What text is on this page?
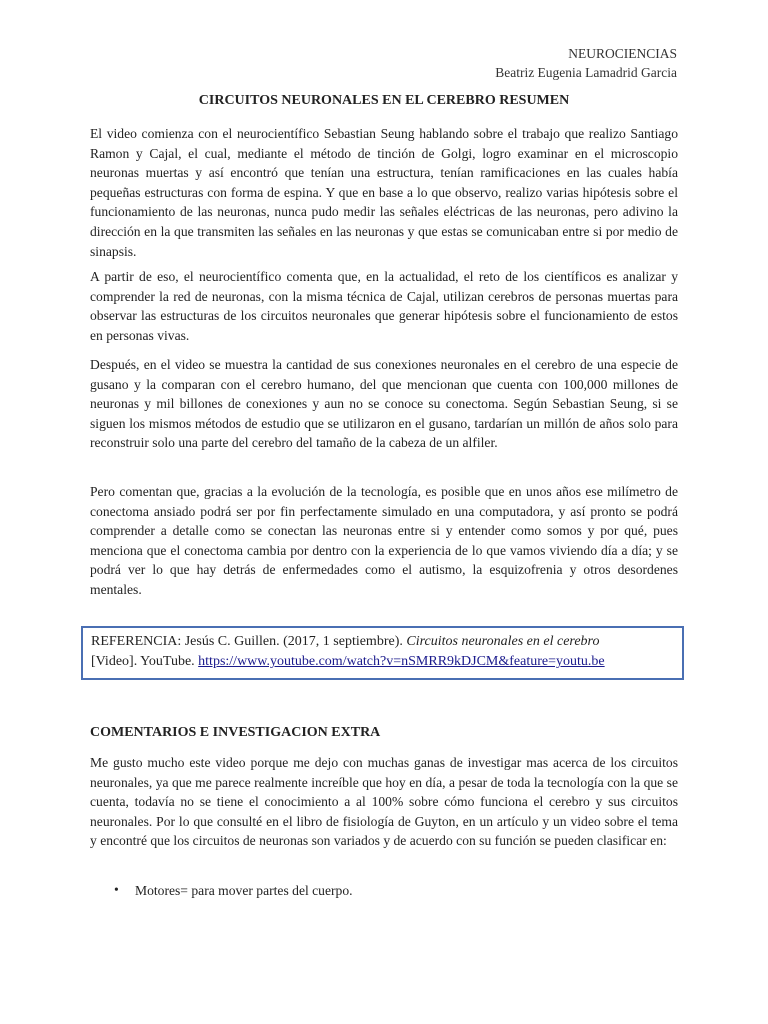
NEUROCIENCIAS
Beatriz Eugenia Lamadrid Garcia
CIRCUITOS NEURONALES EN EL CEREBRO RESUMEN

El video comienza con el neurocientífico Sebastian Seung hablando sobre el trabajo que realizo Santiago Ramon y Cajal, el cual, mediante el método de tinción de Golgi, logro examinar en el microscopio neuronas muertas y así encontró que tenían una estructura, tenían ramificaciones en las cuales había pequeñas estructuras con forma de espina. Y que en base a lo que observo, realizo varias hipótesis sobre el funcionamiento de las neuronas, nunca pudo medir las señales eléctricas de las neuronas, pero adivino la dirección en la que transmiten las señales en las neuronas y que estas se comunicaban entre si por medio de sinapsis.

A partir de eso, el neurocientífico comenta que, en la actualidad, el reto de los científicos es analizar y comprender la red de neuronas, con la misma técnica de Cajal, utilizan cerebros de personas muertas para observar las estructuras de los circuitos neuronales que generar hipótesis sobre el funcionamiento de estos en personas vivas.

Después, en el video se muestra la cantidad de sus conexiones neuronales en el cerebro de una especie de gusano y la comparan con el cerebro humano, del que mencionan que cuenta con 100,000 millones de neuronas y mil billones de conexiones y aun no se conoce su conectoma. Según Sebastian Seung, si se siguen los mismos métodos de estudio que se utilizaron en el gusano, tardarían un millón de años solo para reconstruir solo una parte del cerebro del tamaño de la cabeza de un alfiler.

Pero comentan que, gracias a la evolución de la tecnología, es posible que en unos años ese milímetro de conectoma ansiado podrá ser por fin perfectamente simulado en una computadora, y así pronto se podrá comprender a detalle como se conectan las neuronas entre si y entender como somos y por qué, pues menciona que el conectoma cambia por dentro con la experiencia de lo que vamos viviendo día a día; y se podrá ver lo que hay detrás de enfermedades como el autismo, la esquizofrenia y otros desordenes mentales.

REFERENCIA: Jesús C. Guillen. (2017, 1 septiembre). Circuitos neuronales en el cerebro
[Video]. YouTube. https://www.youtube.com/watch?v=nSMRR9kDJCM&feature=youtu.be
COMENTARIOS E INVESTIGACION EXTRA

Me gusto mucho este video porque me dejo con muchas ganas de investigar mas acerca de los circuitos neuronales, ya que me parece realmente increíble que hoy en día, a pesar de toda la tecnología con la que se cuenta, todavía no se tiene el conocimiento a al 100% sobre cómo funciona el cerebro y sus circuitos neuronales. Por lo que consulté en el libro de fisiología de Guyton, en un artículo y un video sobre el tema y encontré que los circuitos de neuronas son variados y de acuerdo con su función se pueden clasificar en:

• Motores= para mover partes del cuerpo.
